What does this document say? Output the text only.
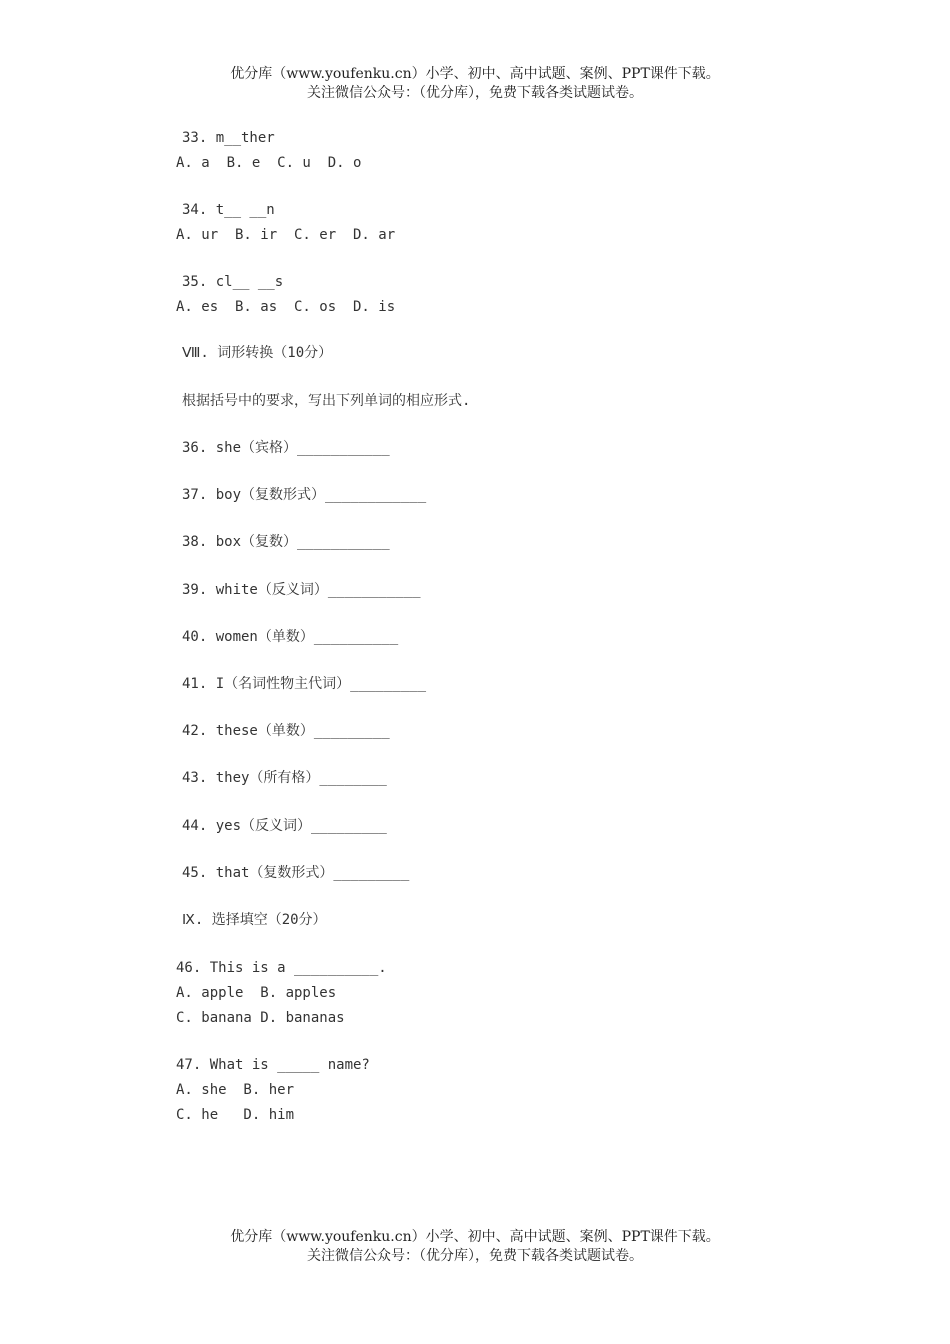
优分库（www.youfenku.cn）小学、初中、高中试题、案例、PPT课件下载。
关注微信公众号：（优分库），免费下载各类试题试卷。
33. m__ther
A. a  B. e  C. u  D. o
34. t__ __n
A. ur  B. ir  C. er  D. ar
35. cl__ __s
A. es  B. as  C. os  D. is
Ⅷ. 词形转换（10分）
根据括号中的要求，写出下列单词的相应形式.
36. she（宾格）___________
37. boy（复数形式）____________
38. box（复数）___________
39. white（反义词）___________
40. women（单数）__________
41. I（名词性物主代词）_________
42. these（单数）_________
43. they（所有格）________
44. yes（反义词）_________
45. that（复数形式）_________
Ⅸ. 选择填空（20分）
46. This is a __________.
A. apple  B. apples
C. banana D. bananas
47. What is _____ name?
A. she  B. her
C. he   D. him
优分库（www.youfenku.cn）小学、初中、高中试题、案例、PPT课件下载。
关注微信公众号：（优分库），免费下载各类试题试卷。
